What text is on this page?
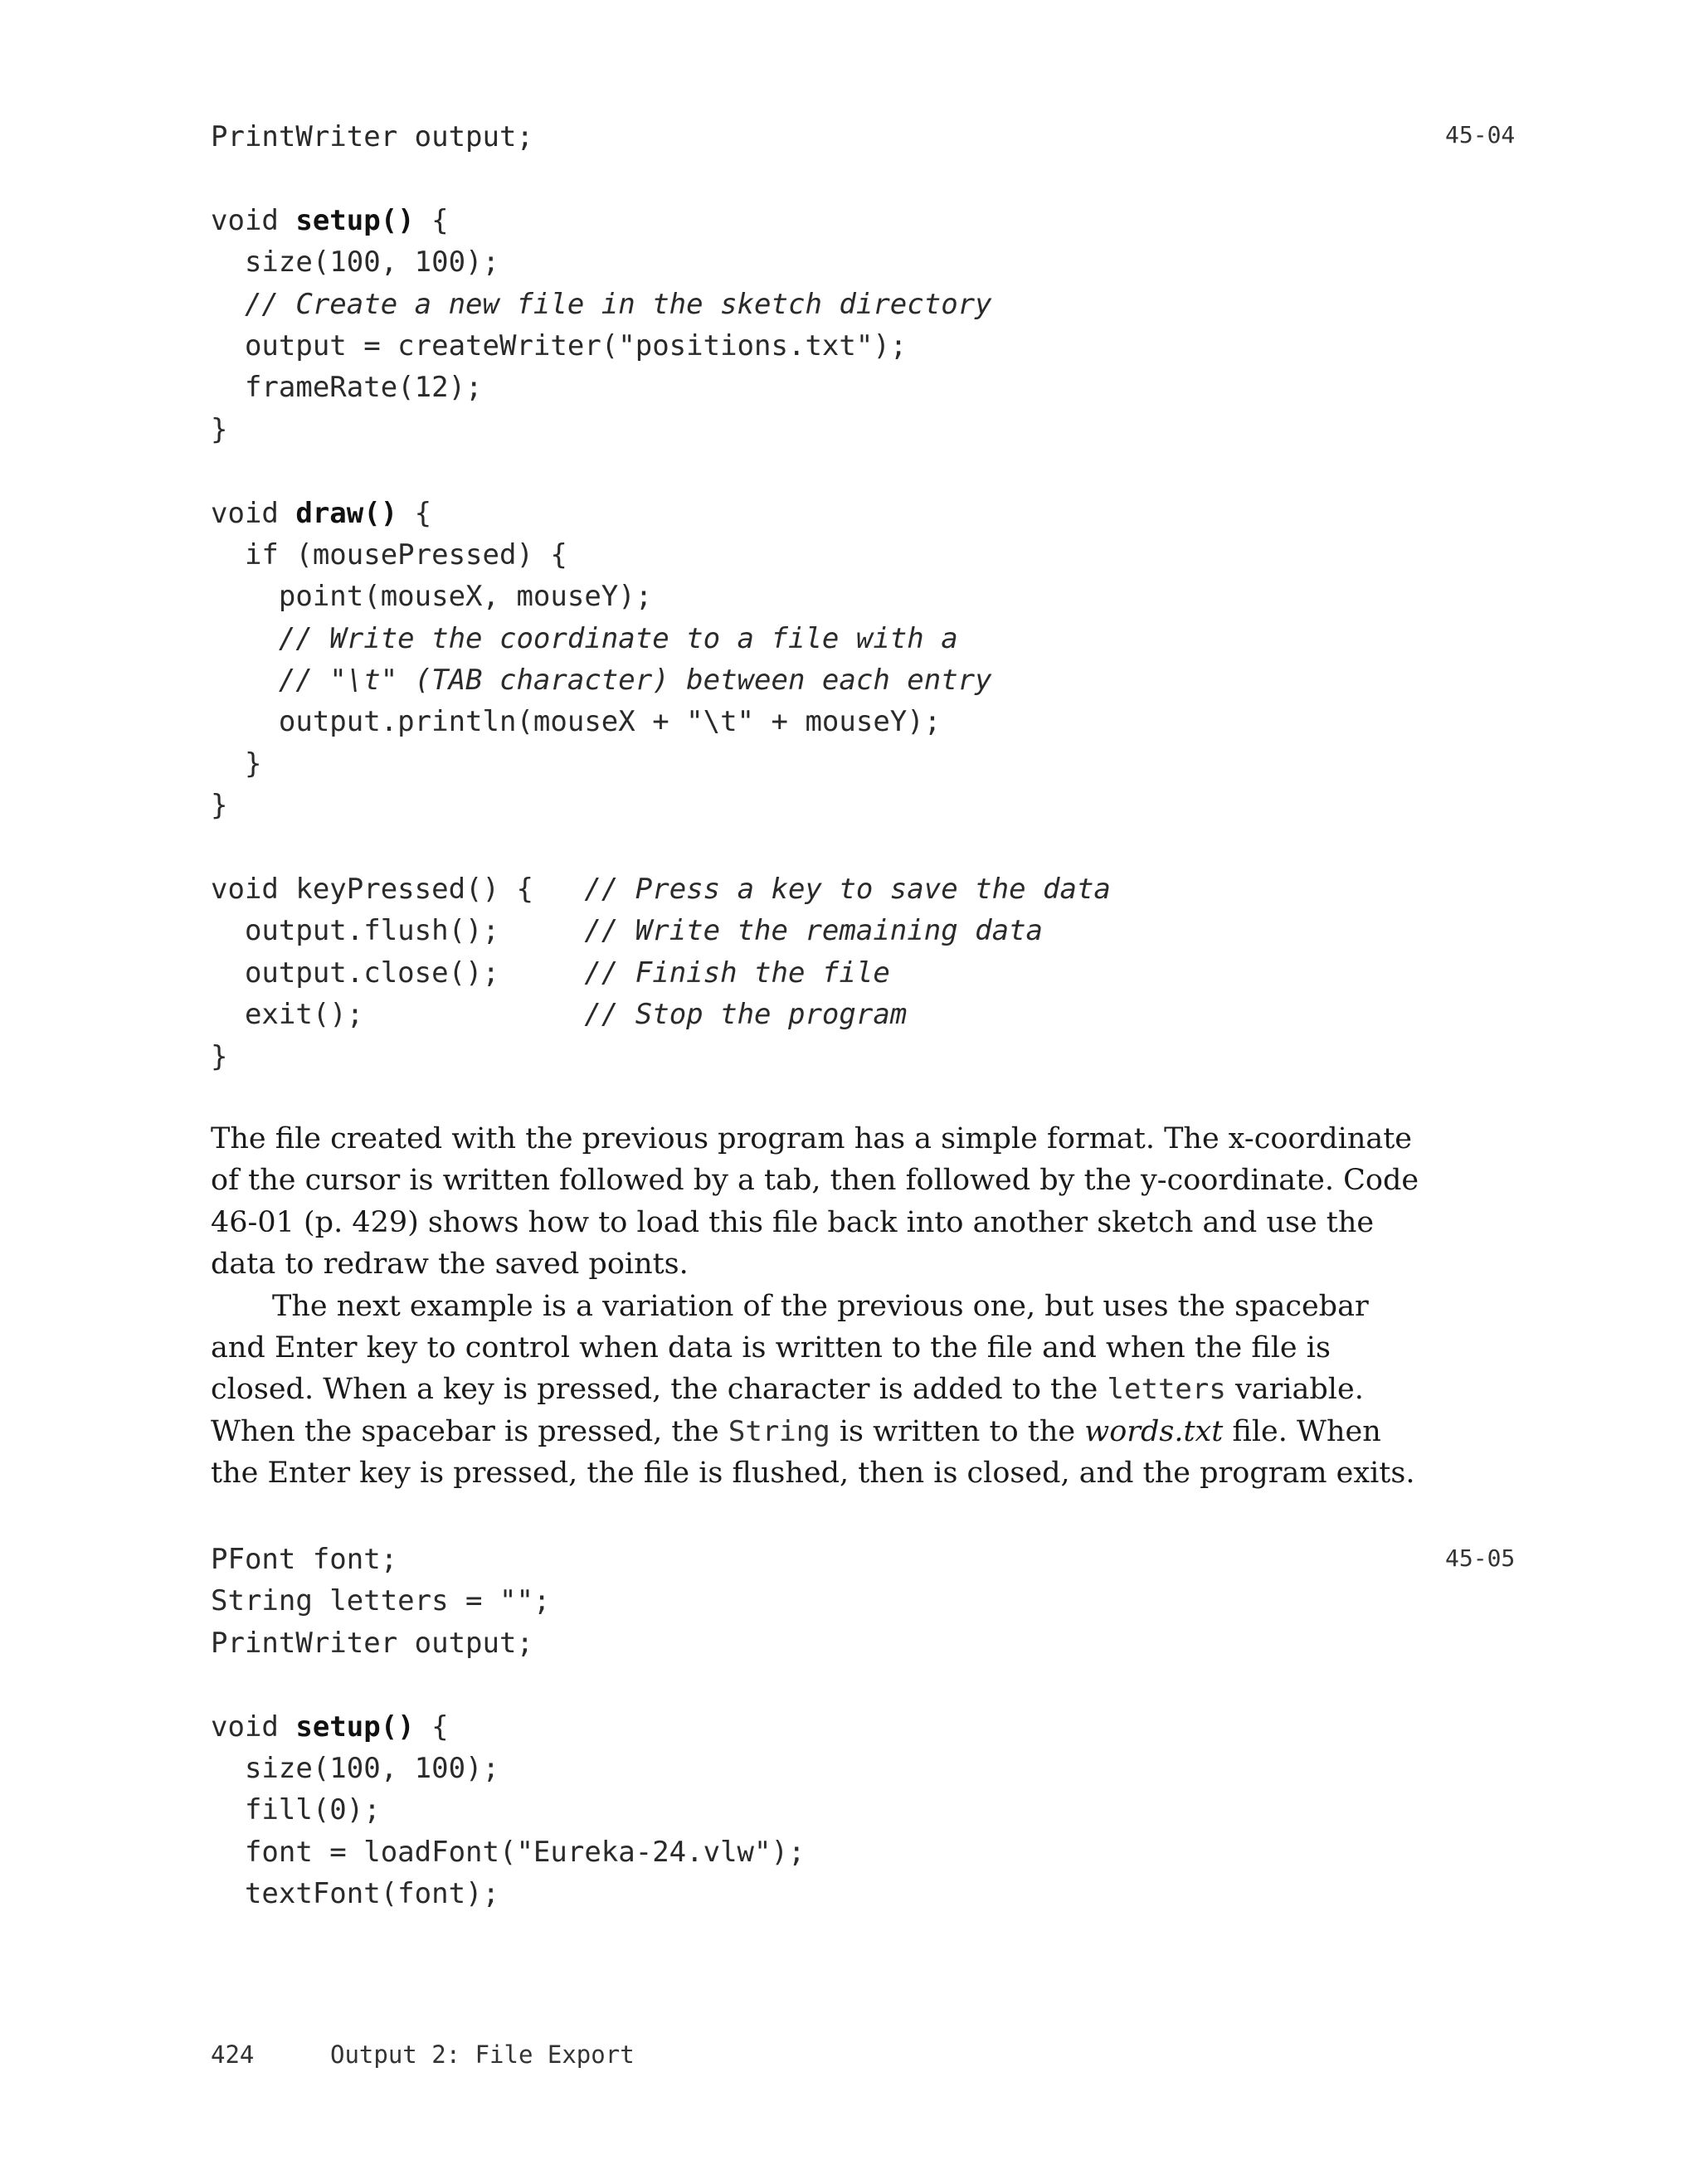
45-04
PrintWriter output;
void setup() {
size(100, 100);
// Create a new file in the sketch directory
output = createWriter("positions.txt");
frameRate(12);
}
void draw() {
if (mousePressed) {
point(mouseX, mouseY);
// Write the coordinate to a file with a
// "\t" (TAB character) between each entry
output.println(mouseX + "\t" + mouseY);
}
}
void keyPressed() {   // Press a key to save the data
output.flush();     // Write the remaining data
output.close();     // Finish the file
exit();             // Stop the program
}

The file created with the previous program has a simple format. The x-coordinate of the cursor is written followed by a tab, then followed by the y-coordinate. Code 46-01 (p. 429) shows how to load this file back into another sketch and use the data to redraw the saved points.

The next example is a variation of the previous one, but uses the spacebar and Enter key to control when data is written to the file and when the file is closed. When a key is pressed, the character is added to the letters variable. When the spacebar is pressed, the String is written to the words.txt file. When the Enter key is pressed, the file is flushed, then is closed, and the program exits.

45-05
PFont font;
String letters = "";
PrintWriter output;
void setup() {
size(100, 100);
fill(0);
font = loadFont("Eureka-24.vlw");
textFont(font);
424	Output 2: File Export
